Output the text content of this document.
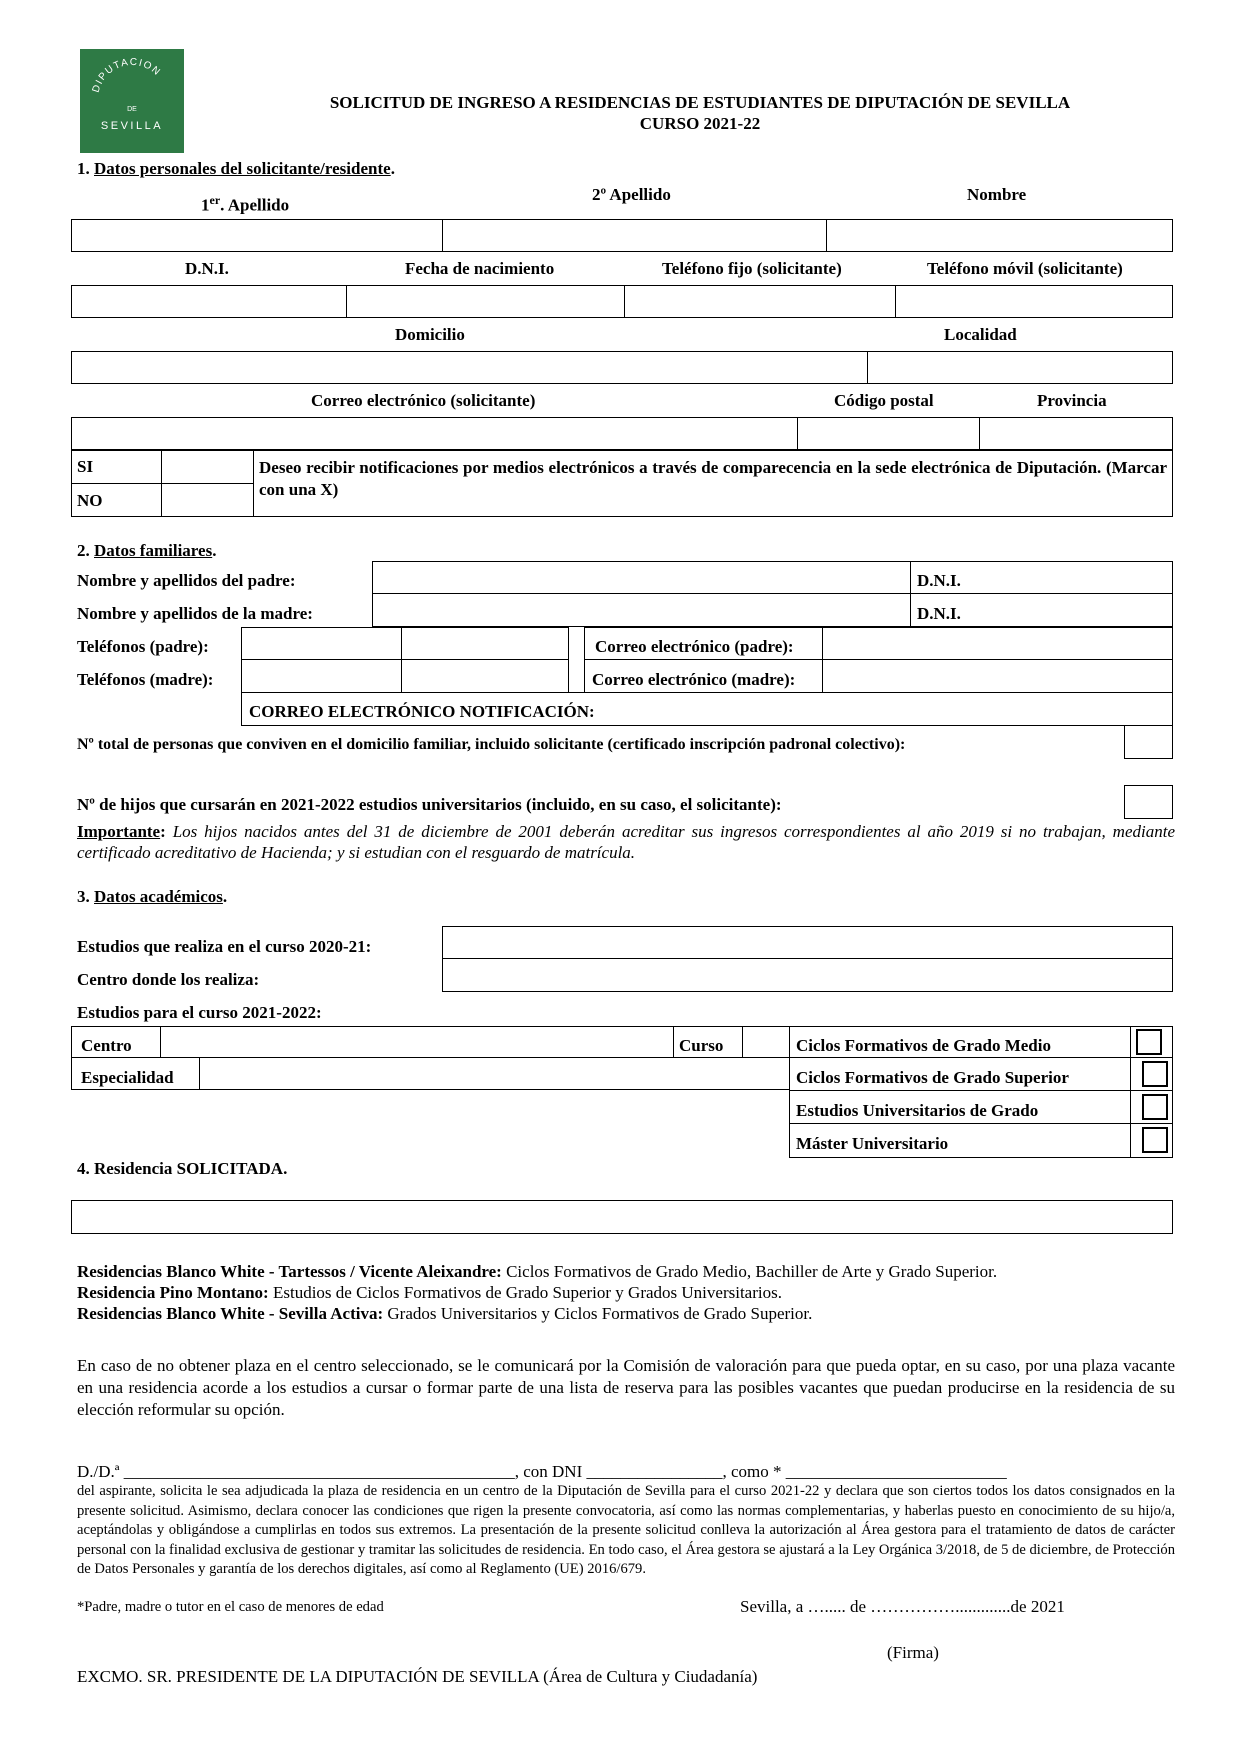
DIPUTACION
DE
SEVILLA
SOLICITUD DE INGRESO A RESIDENCIAS DE ESTUDIANTES DE DIPUTACIÓN DE SEVILLA
CURSO 2021-22
1. Datos personales del solicitante/residente.
1er. Apellido
2º Apellido	Nombre
D.N.I.	Fecha de nacimiento	Teléfono fijo (solicitante)	Teléfono móvil (solicitante)
Domicilio	Localidad
Correo electrónico (solicitante)	Código postal	Provincia
SI
NO
Deseo recibir notificaciones por medios electrónicos a través de comparecencia en la sede electrónica de Diputación. (Marcar con una X)
2. Datos familiares.
Nombre y apellidos del padre:	D.N.I.
Nombre y apellidos de la madre:	D.N.I.
Teléfonos (padre):	Correo electrónico (padre):
Teléfonos (madre):	Correo electrónico (madre):
CORREO ELECTRÓNICO NOTIFICACIÓN:
Nº total de personas que conviven en el domicilio familiar, incluido solicitante (certificado inscripción padronal colectivo):
Nº de hijos que cursarán en 2021-2022 estudios universitarios (incluido, en su caso, el solicitante):
Importante: Los hijos nacidos antes del 31 de diciembre de 2001 deberán acreditar sus ingresos correspondientes al año 2019 si no trabajan, mediante certificado acreditativo de Hacienda; y si estudian con el resguardo de matrícula.
3. Datos académicos.
Estudios que realiza en el curso 2020-21:
Centro donde los realiza:
Estudios para el curso 2021-2022:
Centro	Curso
Especialidad
Ciclos Formativos de Grado Medio
Ciclos Formativos de Grado Superior
Estudios Universitarios de Grado
Máster Universitario
4. Residencia SOLICITADA.
Residencias Blanco White - Tartessos / Vicente Aleixandre: Ciclos Formativos de Grado Medio, Bachiller de Arte y Grado Superior.
Residencia Pino Montano: Estudios de Ciclos Formativos de Grado Superior y Grados Universitarios.
Residencias Blanco White - Sevilla Activa: Grados Universitarios y Ciclos Formativos de Grado Superior.
En caso de no obtener plaza en el centro seleccionado, se le comunicará por la Comisión de valoración para que pueda optar, en su caso, por una plaza vacante en una residencia acorde a los estudios a cursar o formar parte de una lista de reserva para las posibles vacantes que puedan producirse en la residencia de su elección reformular su opción.
D./D.ª ______________________________________________, con DNI ________________, como * __________________________
del aspirante, solicita le sea adjudicada la plaza de residencia en un centro de la Diputación de Sevilla para el curso 2021-22 y declara que son ciertos todos los datos consignados en la presente solicitud. Asimismo, declara conocer las condiciones que rigen la presente convocatoria, así como las normas complementarias, y haberlas puesto en conocimiento de su hijo/a, aceptándolas y obligándose a cumplirlas en todos sus extremos. La presentación de la presente solicitud conlleva la autorización al Área gestora para el tratamiento de datos de carácter personal con la finalidad exclusiva de gestionar y tramitar las solicitudes de residencia. En todo caso, el Área gestora se ajustará a la Ley Orgánica 3/2018, de 5 de diciembre, de Protección de Datos Personales y garantía de los derechos digitales, así como al Reglamento (UE) 2016/679.
*Padre, madre o tutor en el caso de menores de edad	Sevilla, a …..... de …………….............de 2021
(Firma)
EXCMO. SR. PRESIDENTE DE LA DIPUTACIÓN DE SEVILLA (Área de Cultura y Ciudadanía)
